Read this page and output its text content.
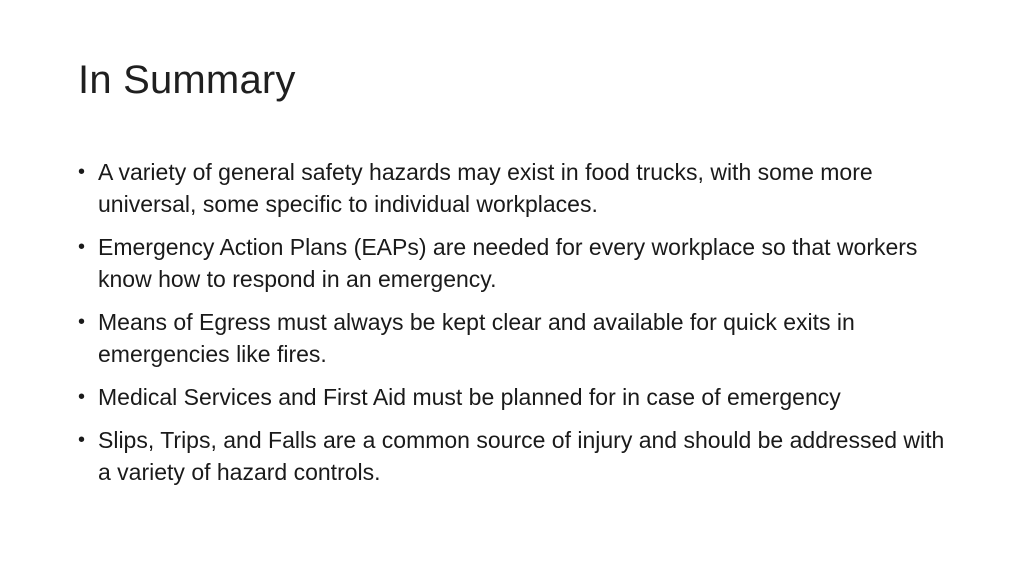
In Summary
• A variety of general safety hazards may exist in food trucks, with some more universal, some specific to individual workplaces.
• Emergency Action Plans (EAPs) are needed for every workplace so that workers know how to respond in an emergency.
• Means of Egress must always be kept clear and available for quick exits in emergencies like fires.
• Medical Services and First Aid must be planned for in case of emergency
• Slips, Trips, and Falls are a common source of injury and should be addressed with a variety of hazard controls.
